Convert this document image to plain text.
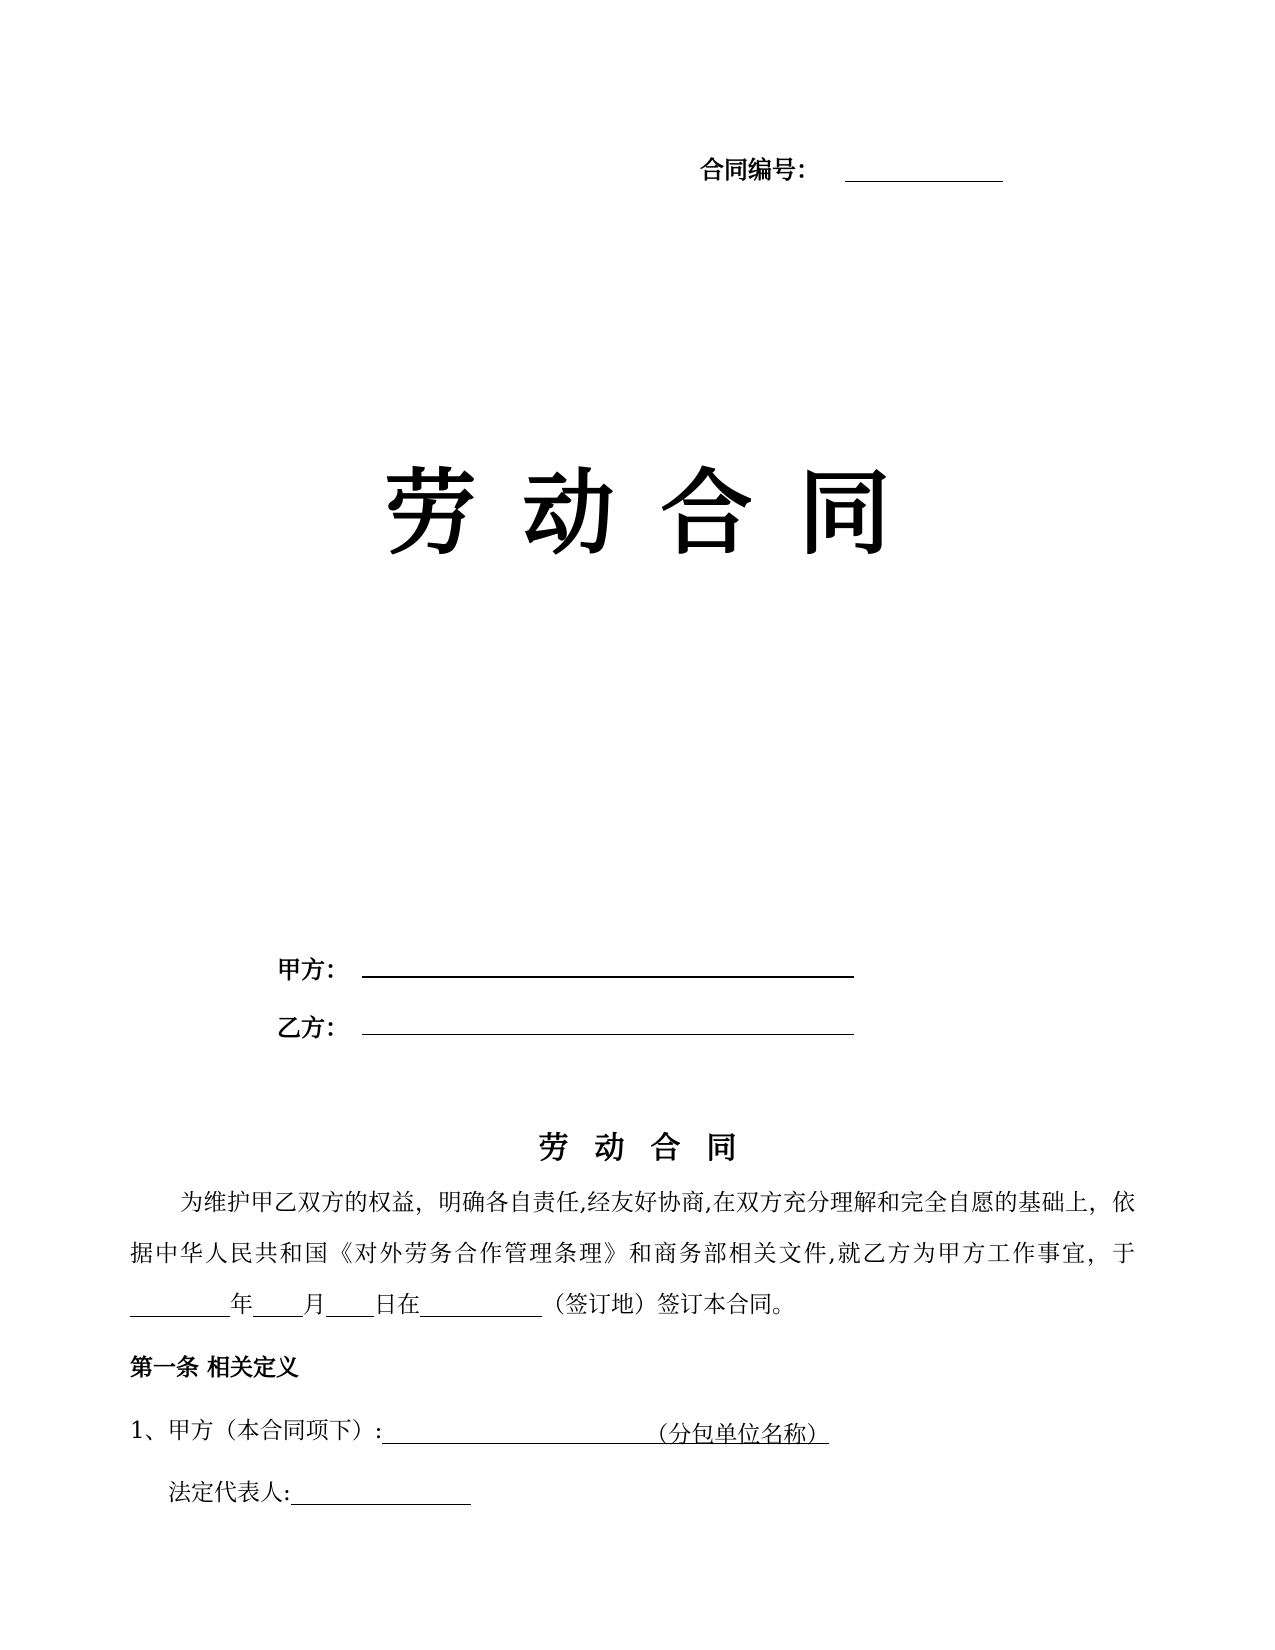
合同编号：
劳动合同
甲方：
乙方：
劳动合同
为维护甲乙双方的权益，明确各自责任,经友好协商,在双方充分理解和完全自愿的基础上，依据中华人民共和国《对外劳务合作管理条理》和商务部相关文件,就乙方为甲方工作事宜，于年 月 日在	（签订地）签订本合同。
第一条 相关定义
1、甲方（本合同项下）:	（分包单位名称）
法定代表人:
